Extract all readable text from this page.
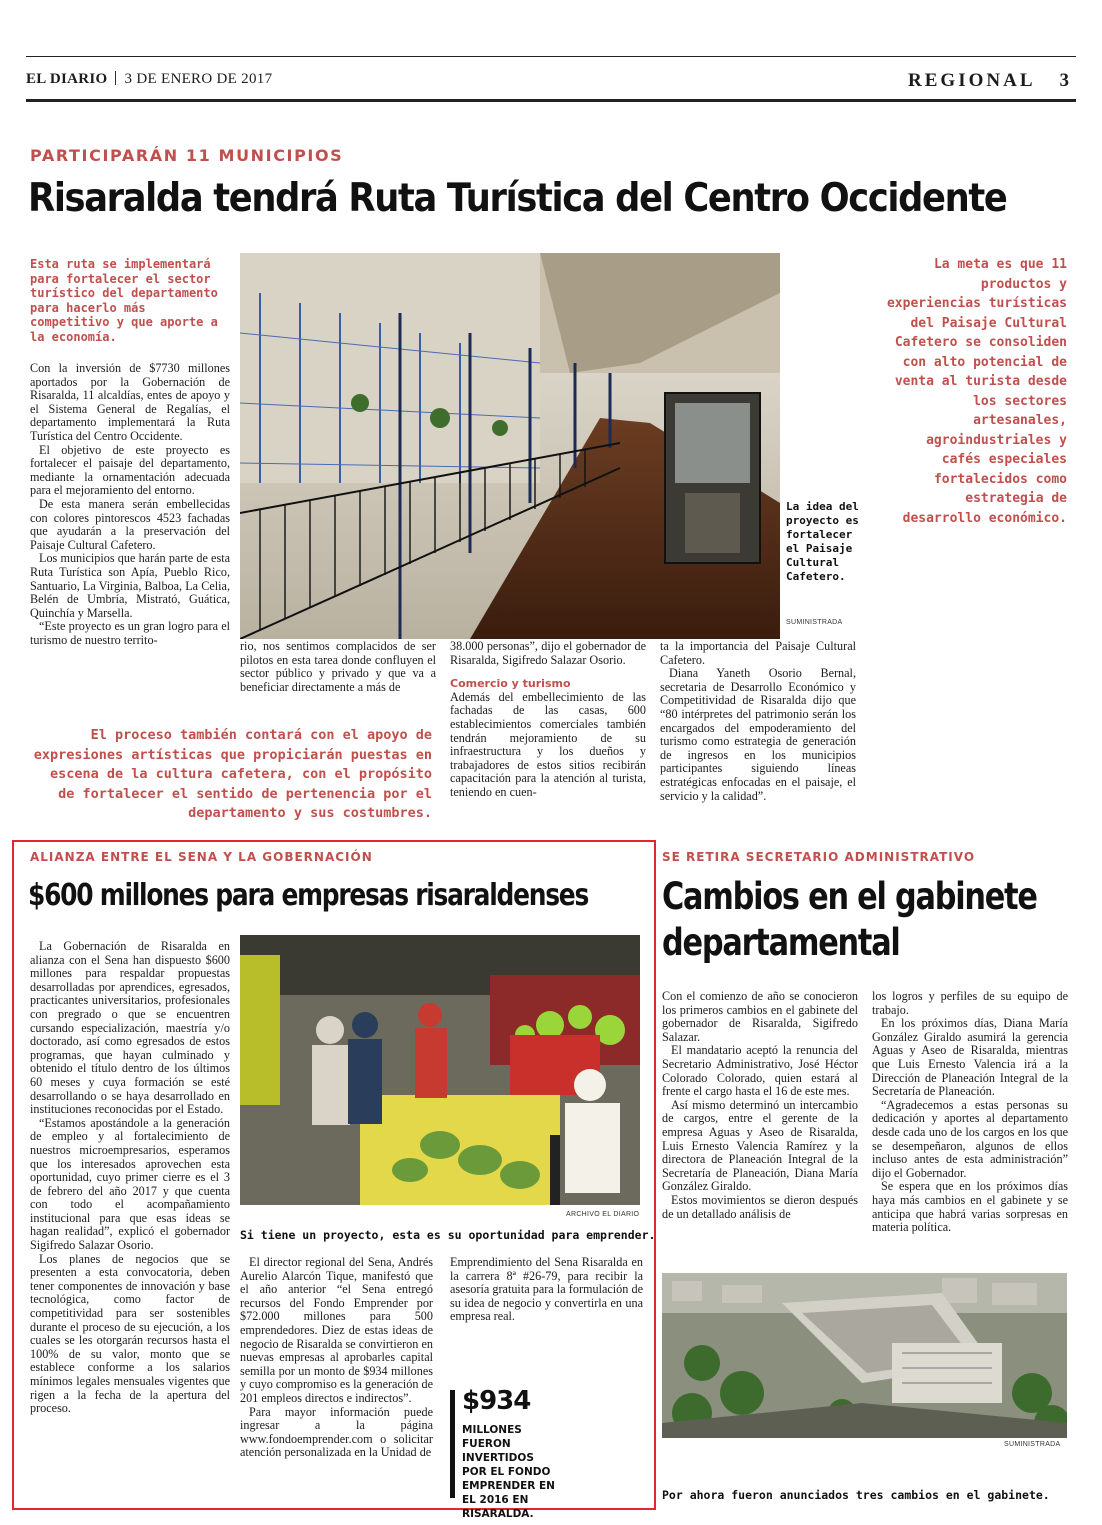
EL DIARIO 3 DE ENERO DE 2017	REGIONAL 3
PARTICIPARÁN 11 MUNICIPIOS
Risaralda tendrá Ruta Turística del Centro Occidente
Esta ruta se implementará para fortalecer el sector turístico del departamento para hacerlo más competitivo y que aporte a la economía.

Con la inversión de $7730 millones aportados por la Gobernación de Risaralda, 11 alcaldías, entes de apoyo y el Sistema General de Regalías, el departamento implementará la Ruta Turística del Centro Occidente.

El objetivo de este proyecto es fortalecer el paisaje del departamento, mediante la ornamentación adecuada para el mejoramiento del entorno.

De esta manera serán embellecidas con colores pintorescos 4523 fachadas que ayudarán a la preservación del Paisaje Cultural Cafetero.

Los municipios que harán parte de esta Ruta Turística son Apía, Pueblo Rico, Santuario, La Virginia, Balboa, La Celia, Belén de Umbría, Mistrató, Guática, Quinchía y Marsella.

“Este proyecto es un gran logro para el turismo de nuestro territo-

La idea del proyecto es fortalecer el Paisaje Cultural Cafetero.
SUMINISTRADA
La meta es que 11 productos y experiencias turísticas del Paisaje Cultural Cafetero se consoliden con alto potencial de venta al turista desde los sectores artesanales, agroindustriales y cafés especiales fortalecidos como estrategia de desarrollo económico.

rio, nos sentimos complacidos de ser pilotos en esta tarea donde confluyen el sector público y privado y que va a beneficiar directamente a más de

38.000 personas”, dijo el gobernador de Risaralda, Sigifredo Salazar Osorio.

Comercio y turismo

Además del embellecimiento de las fachadas de las casas, 600 establecimientos comerciales también tendrán mejoramiento de su infraestructura y los dueños y trabajadores de estos sitios recibirán capacitación para la atención al turista, teniendo en cuen-

ta la importancia del Paisaje Cultural Cafetero.

Diana Yaneth Osorio Bernal, secretaria de Desarrollo Económico y Competitividad de Risaralda dijo que “80 intérpretes del patrimonio serán los encargados del empoderamiento del turismo como estrategia de generación de ingresos en los municipios participantes siguiendo líneas estratégicas enfocadas en el paisaje, el servicio y la calidad”.

El proceso también contará con el apoyo de expresiones artísticas que propiciarán puestas en escena de la cultura cafetera, con el propósito de fortalecer el sentido de pertenencia por el departamento y sus costumbres.
ALIANZA ENTRE EL SENA Y LA GOBERNACIÓN
$600 millones para empresas risaraldenses

La Gobernación de Risaralda en alianza con el Sena han dispuesto $600 millones para respaldar propuestas desarrolladas por aprendices, egresados, practicantes universitarios, profesionales con pregrado o que se encuentren cursando especialización, maestría y/o doctorado, así como egresados de estos programas, que hayan culminado y obtenido el título dentro de los últimos 60 meses y cuya formación se esté desarrollando o se haya desarrollado en instituciones reconocidas por el Estado.

“Estamos apostándole a la generación de empleo y al fortalecimiento de nuestros microempresarios, esperamos que los interesados aprovechen esta oportunidad, cuyo primer cierre es el 3 de febrero del año 2017 y que cuenta con todo el acompañamiento institucional para que esas ideas se hagan realidad”, explicó el gobernador Sigifredo Salazar Osorio.

Los planes de negocios que se presenten a esta convocatoria, deben tener componentes de innovación y base tecnológica, como factor de competitividad para ser sostenibles durante el proceso de su ejecución, a los cuales se les otorgarán recursos hasta el 100% de su valor, monto que se establece conforme a los salarios mínimos legales mensuales vigentes que rigen a la fecha de la apertura del proceso.

ARCHIVO EL DIARIO
Si tiene un proyecto, esta es su oportunidad para emprender.

El director regional del Sena, Andrés Aurelio Alarcón Tique, manifestó que el año anterior “el Sena entregó recursos del Fondo Emprender por $72.000 millones para 500 emprendedores. Diez de estas ideas de negocio de Risaralda se convirtieron en nuevas empresas al aprobarles capital semilla por un monto de $934 millones y cuyo compromiso es la generación de 201 empleos directos e indirectos”.

Para mayor información puede ingresar a la página www.fondoemprender.com o solicitar atención personalizada en la Unidad de

Emprendimiento del Sena Risaralda en la carrera 8ª #26-79, para recibir la asesoría gratuita para la formulación de su idea de negocio y convertirla en una empresa real.

$934
MILLONES FUERON INVERTIDOS POR EL FONDO EMPRENDER EN EL 2016 EN RISARALDA.
SE RETIRA SECRETARIO ADMINISTRATIVO
Cambios en el gabinete
departamental

Con el comienzo de año se conocieron los primeros cambios en el gabinete del gobernador de Risaralda, Sigifredo Salazar.

El mandatario aceptó la renuncia del Secretario Administrativo, José Héctor Colorado Colorado, quien estará al frente el cargo hasta el 16 de este mes.

Así mismo determinó un intercambio de cargos, entre el gerente de la empresa Aguas y Aseo de Risaralda, Luis Ernesto Valencia Ramírez y la directora de Planeación Integral de la Secretaría de Planeación, Diana María González Giraldo.

Estos movimientos se dieron después de un detallado análisis de

los logros y perfiles de su equipo de trabajo.

En los próximos días, Diana María González Giraldo asumirá la gerencia Aguas y Aseo de Risaralda, mientras que Luis Ernesto Valencia irá a la Dirección de Planeación Integral de la Secretaría de Planeación.

“Agradecemos a estas personas su dedicación y aportes al departamento desde cada uno de los cargos en los que se desempeñaron, algunos de ellos incluso antes de esta administración” dijo el Gobernador.

Se espera que en los próximos días haya más cambios en el gabinete y se anticipa que habrá varias sorpresas en materia política.

SUMINISTRADA
Por ahora fueron anunciados tres cambios en el gabinete.
